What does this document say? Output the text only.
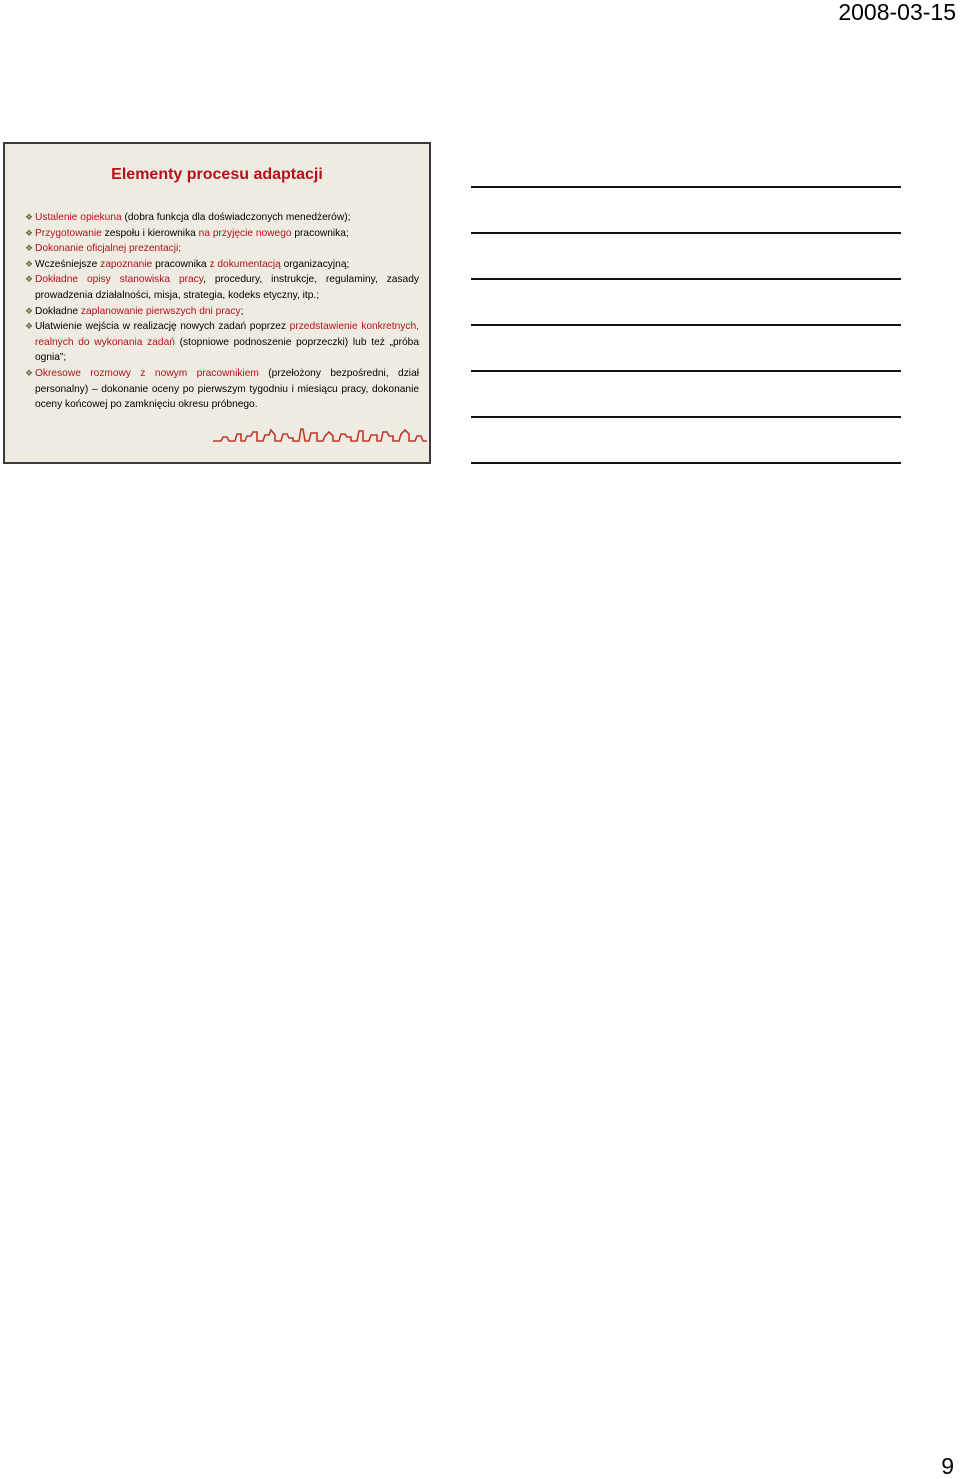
2008-03-15
Elementy procesu adaptacji
❖ Ustalenie opiekuna (dobra funkcja dla doświadczonych menedżerów);
❖ Przygotowanie zespołu i kierownika na przyjęcie nowego pracownika;
❖ Dokonanie oficjalnej prezentacji;
❖ Wcześniejsze zapoznanie pracownika z dokumentacją organizacyjną;
❖ Dokładne opisy stanowiska pracy, procedury, instrukcje, regulaminy, zasady prowadzenia działalności, misja, strategia, kodeks etyczny, itp.;
❖ Dokładne zaplanowanie pierwszych dni pracy;
❖ Ułatwienie wejścia w realizację nowych zadań poprzez przedstawienie konkretnych, realnych do wykonania zadań (stopniowe podnoszenie poprzeczki) lub też „próba ognia”;
❖ Okresowe rozmowy z nowym pracownikiem (przełożony bezpośredni, dział personalny) – dokonanie oceny po pierwszym tygodniu i miesiącu pracy, dokonanie oceny końcowej po zamknięciu okresu próbnego.
9
